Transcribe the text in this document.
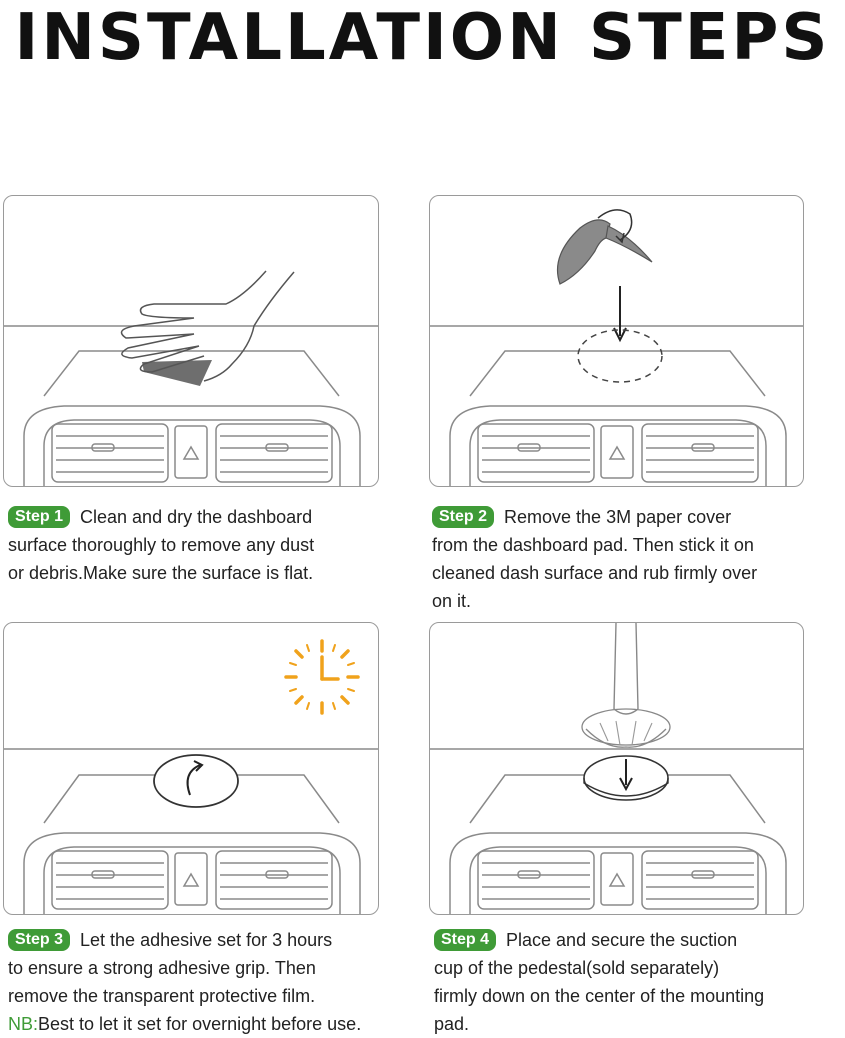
INSTALLATION STEPS
Step 1 Clean and dry the dashboard
surface thoroughly to remove any dust
or debris.Make sure the surface is flat.
Step 2 Remove the 3M paper cover
from the dashboard pad. Then stick it on
cleaned dash surface and rub firmly over
on it.
Step 3 Let the adhesive set for 3 hours
to ensure a strong adhesive grip. Then
remove the transparent protective film.
NB:Best to let it set for overnight before use.
Step 4 Place and secure the suction
cup of the pedestal(sold separately)
firmly down on the center of the mounting
pad.
